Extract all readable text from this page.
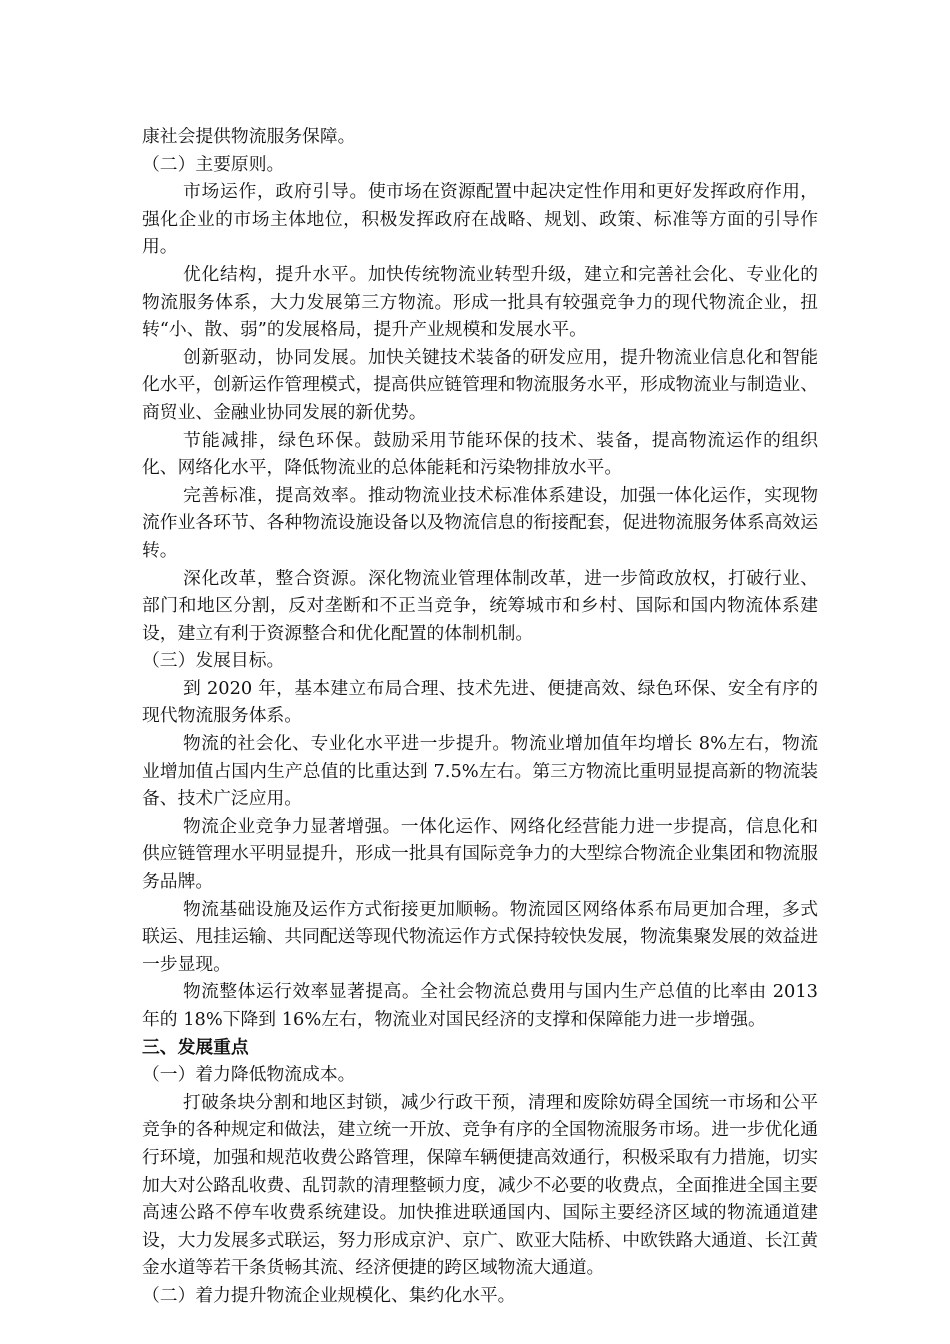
康社会提供物流服务保障。

（二）主要原则。

市场运作，政府引导。使市场在资源配置中起决定性作用和更好发挥政府作用，强化企业的市场主体地位，积极发挥政府在战略、规划、政策、标准等方面的引导作用。

优化结构，提升水平。加快传统物流业转型升级，建立和完善社会化、专业化的物流服务体系，大力发展第三方物流。形成一批具有较强竞争力的现代物流企业，扭转“小、散、弱”的发展格局，提升产业规模和发展水平。

创新驱动，协同发展。加快关键技术装备的研发应用，提升物流业信息化和智能化水平，创新运作管理模式，提高供应链管理和物流服务水平，形成物流业与制造业、商贸业、金融业协同发展的新优势。

节能减排，绿色环保。鼓励采用节能环保的技术、装备，提高物流运作的组织化、网络化水平，降低物流业的总体能耗和污染物排放水平。

完善标准，提高效率。推动物流业技术标准体系建设，加强一体化运作，实现物流作业各环节、各种物流设施设备以及物流信息的衔接配套，促进物流服务体系高效运转。

深化改革，整合资源。深化物流业管理体制改革，进一步简政放权，打破行业、部门和地区分割，反对垄断和不正当竞争，统筹城市和乡村、国际和国内物流体系建设，建立有利于资源整合和优化配置的体制机制。

（三）发展目标。

到 2020 年，基本建立布局合理、技术先进、便捷高效、绿色环保、安全有序的现代物流服务体系。

物流的社会化、专业化水平进一步提升。物流业增加值年均增长 8%左右，物流业增加值占国内生产总值的比重达到 7.5%左右。第三方物流比重明显提高新的物流装备、技术广泛应用。

物流企业竞争力显著增强。一体化运作、网络化经营能力进一步提高，信息化和供应链管理水平明显提升，形成一批具有国际竞争力的大型综合物流企业集团和物流服务品牌。

物流基础设施及运作方式衔接更加顺畅。物流园区网络体系布局更加合理，多式联运、甩挂运输、共同配送等现代物流运作方式保持较快发展，物流集聚发展的效益进一步显现。

物流整体运行效率显著提高。全社会物流总费用与国内生产总值的比率由 2013 年的 18%下降到 16%左右，物流业对国民经济的支撑和保障能力进一步增强。

三、发展重点

（一）着力降低物流成本。

打破条块分割和地区封锁，减少行政干预，清理和废除妨碍全国统一市场和公平竞争的各种规定和做法，建立统一开放、竞争有序的全国物流服务市场。进一步优化通行环境，加强和规范收费公路管理，保障车辆便捷高效通行，积极采取有力措施，切实加大对公路乱收费、乱罚款的清理整顿力度，减少不必要的收费点，全面推进全国主要高速公路不停车收费系统建设。加快推进联通国内、国际主要经济区域的物流通道建设，大力发展多式联运，努力形成京沪、京广、欧亚大陆桥、中欧铁路大通道、长江黄金水道等若干条货畅其流、经济便捷的跨区域物流大通道。

（二）着力提升物流企业规模化、集约化水平。
